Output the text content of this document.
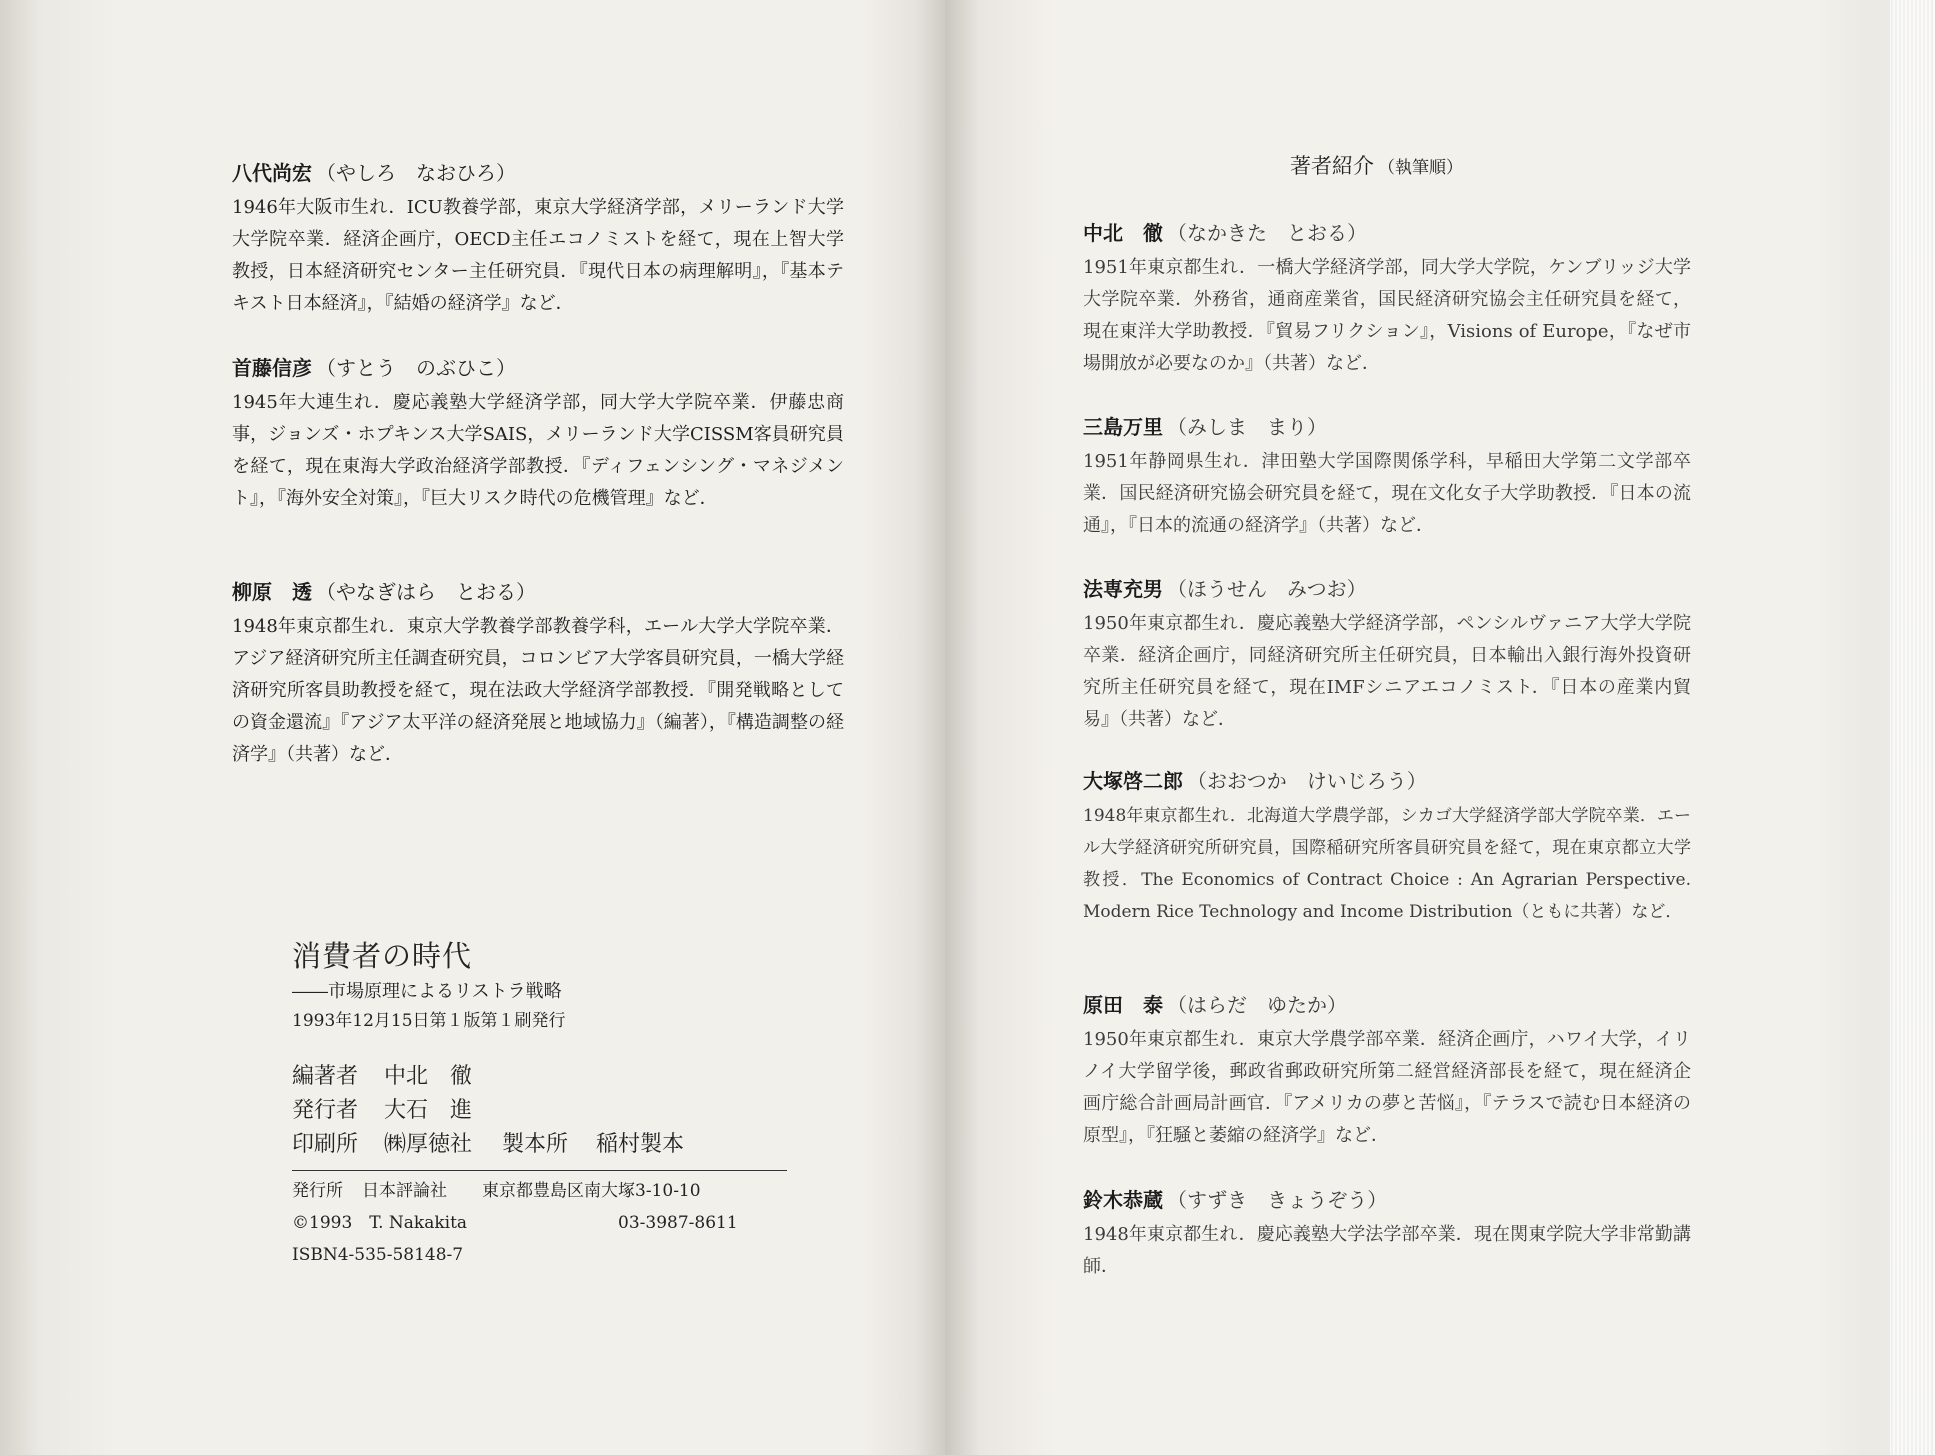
八代尚宏 （やしろ　なおひろ）
1946年大阪市生れ．ICU教養学部，東京大学経済学部，メリーランド大学大学院卒業．経済企画庁，OECD主任エコノミストを経て，現在上智大学教授，日本経済研究センター主任研究員．『現代日本の病理解明』，『基本テキスト日本経済』，『結婚の経済学』など．
首藤信彦 （すとう　のぶひこ）
1945年大連生れ．慶応義塾大学経済学部，同大学大学院卒業．伊藤忠商事，ジョンズ・ホプキンス大学SAIS，メリーランド大学CISSM客員研究員を経て，現在東海大学政治経済学部教授．『ディフェンシング・マネジメント』，『海外安全対策』，『巨大リスク時代の危機管理』など．
柳原　透 （やなぎはら　とおる）
1948年東京都生れ．東京大学教養学部教養学科，エール大学大学院卒業．アジア経済研究所主任調査研究員，コロンビア大学客員研究員，一橋大学経済研究所客員助教授を経て，現在法政大学経済学部教授．『開発戦略としての資金還流』『アジア太平洋の経済発展と地域協力』（編著），『構造調整の経済学』（共著）など．
消費者の時代
――市場原理によるリストラ戦略
1993年12月15日第１版第１刷発行
編著者 中北　徹
発行者 大石　進
印刷所 ㈱厚徳社 製本所 稲村製本
発行所 日本評論社 東京都豊島区南大塚3-10-10
©1993　T. Nakakita	03-3987-8611
ISBN4-535-58148-7
著者紹介 （執筆順）
中北　徹 （なかきた　とおる）
1951年東京都生れ．一橋大学経済学部，同大学大学院，ケンブリッジ大学大学院卒業．外務省，通商産業省，国民経済研究協会主任研究員を経て，現在東洋大学助教授．『貿易フリクション』，Visions of Europe，『なぜ市場開放が必要なのか』（共著）など．
三島万里 （みしま　まり）
1951年静岡県生れ．津田塾大学国際関係学科，早稲田大学第二文学部卒業．国民経済研究協会研究員を経て，現在文化女子大学助教授．『日本の流通』，『日本的流通の経済学』（共著）など．
法専充男 （ほうせん　みつお）
1950年東京都生れ．慶応義塾大学経済学部，ペンシルヴァニア大学大学院卒業．経済企画庁，同経済研究所主任研究員，日本輸出入銀行海外投資研究所主任研究員を経て，現在IMFシニアエコノミスト．『日本の産業内貿易』（共著）など．
大塚啓二郎 （おおつか　けいじろう）
1948年東京都生れ．北海道大学農学部，シカゴ大学経済学部大学院卒業．エール大学経済研究所研究員，国際稲研究所客員研究員を経て，現在東京都立大学教授．The Economics of Contract Choice : An Agrarian Perspective. Modern Rice Technology and Income Distribution（ともに共著）など．
原田　泰 （はらだ　ゆたか）
1950年東京都生れ．東京大学農学部卒業．経済企画庁，ハワイ大学，イリノイ大学留学後，郵政省郵政研究所第二経営経済部長を経て，現在経済企画庁総合計画局計画官．『アメリカの夢と苦悩』，『テラスで読む日本経済の原型』，『狂騒と萎縮の経済学』など．
鈴木恭蔵 （すずき　きょうぞう）
1948年東京都生れ．慶応義塾大学法学部卒業．現在関東学院大学非常勤講師．
